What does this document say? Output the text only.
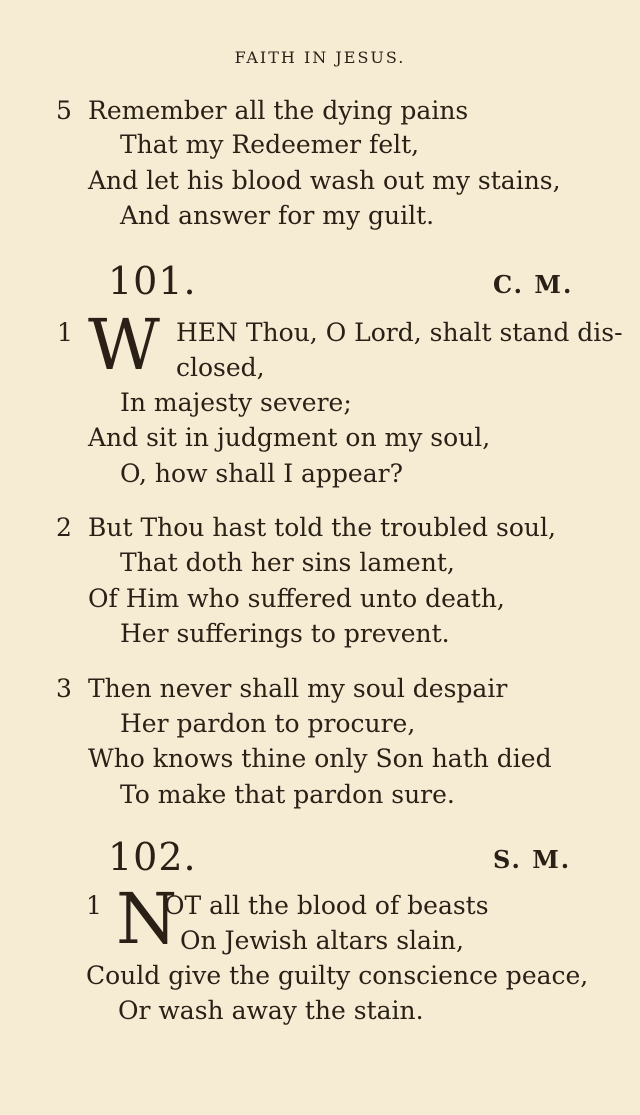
FAITH IN JESUS.
5 Remember all the dying pains
That my Redeemer felt,
And let his blood wash out my stains,
And answer for my guilt.
101.	C. M.
1 W HEN Thou, O Lord, shalt stand dis-
closed,
In majesty severe;
And sit in judgment on my soul,
O, how shall I appear?
2 But Thou hast told the troubled soul,
That doth her sins lament,
Of Him who suffered unto death,
Her sufferings to prevent.
3 Then never shall my soul despair
Her pardon to procure,
Who knows thine only Son hath died
To make that pardon sure.
102.	S. M.
1 N
OT all the blood of beasts
On Jewish altars slain,
Could give the guilty conscience peace,
Or wash away the stain.
